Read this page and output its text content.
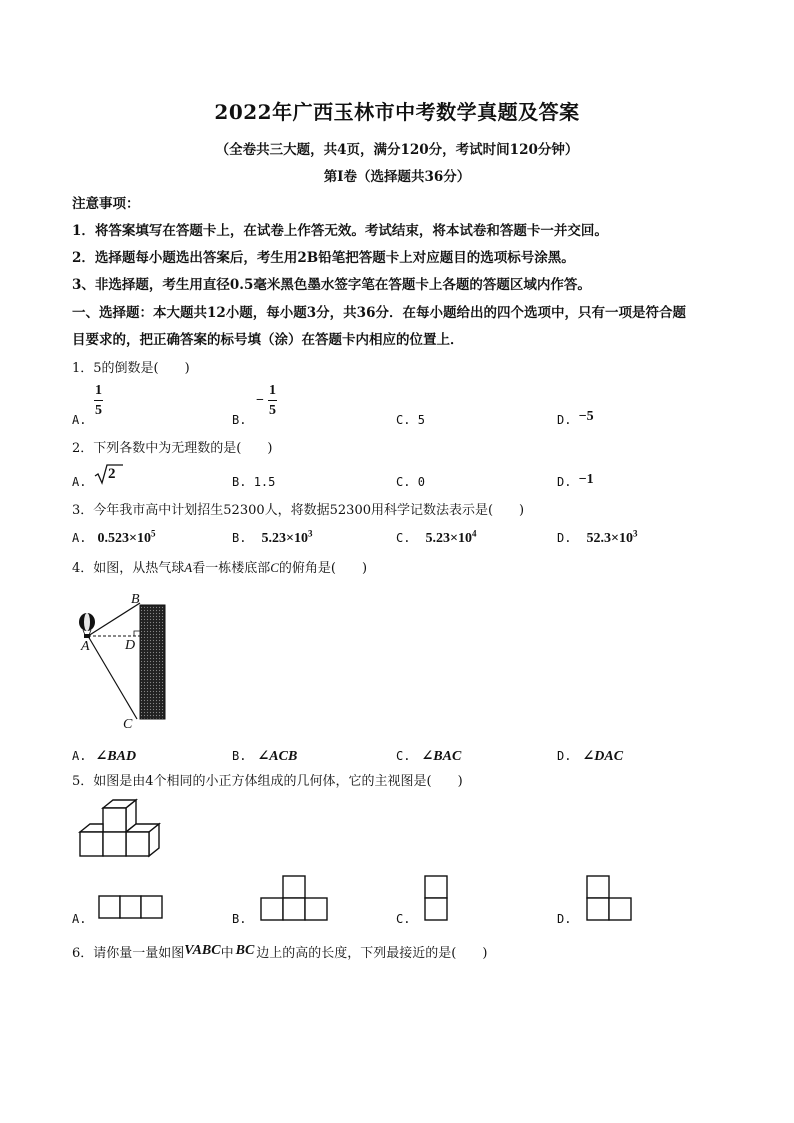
2022年广西玉林市中考数学真题及答案
（全卷共三大题，共4页，满分120分，考试时间120分钟）
第Ⅰ卷（选择题共36分）
注意事项：
1．将答案填写在答题卡上，在试卷上作答无效。考试结束，将本试卷和答题卡一并交回。
2．选择题每小题选出答案后，考生用2B铅笔把答题卡上对应题目的选项标号涂黑。
3、非选择题，考生用直径0.5毫米黑色墨水签字笔在答题卡上各题的答题区域内作答。
一、选择题：本大题共12小题，每小题3分，共36分．在每小题给出的四个选项中，只有一项是符合题
目要求的，把正确答案的标号填（涂）在答题卡内相应的位置上．
1．5的倒数是(　　)
A.
$\frac{1}{5}$
B.
− $\frac{1}{5}$
C. 5	D. −5
2．下列各数中为无理数的是(　　)
A. 2	B. 1.5	C. 0	D. −1
3．今年我市高中计划招生52300人，将数据52300用科学记数法表示是(　　)
A. $0.523\times 10^5$	B. $5.23\times 10^3$	C. $5.23\times 10^4$	D. $52.3\times 10^3$
4．如图，从热气球A看一栋楼底部C的俯角是(　　)
A
B
D
C
A. ∠BAD	B. ∠ACB	C. ∠BAC	D. ∠DAC
5．如图是由4个相同的小正方体组成的几何体，它的主视图是(　　)
A.	B.	C.	D.
6．请你量一量如图VABC中 BC 边上的高的长度，下列最接近的是(　　)
